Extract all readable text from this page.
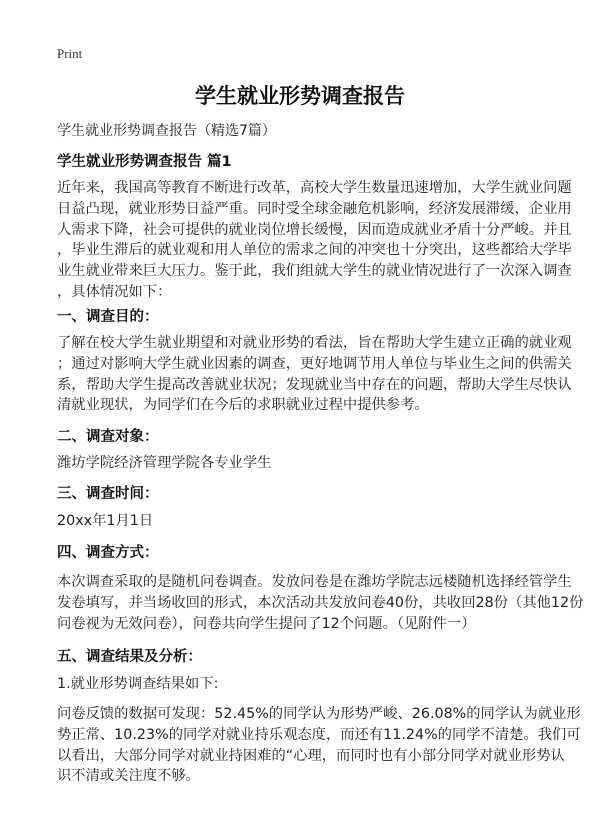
Print
学生就业形势调查报告
学生就业形势调查报告（精选7篇）
学生就业形势调查报告 篇1
近年来，我国高等教育不断进行改革，高校大学生数量迅速增加，大学生就业问题
日益凸现，就业形势日益严重。同时受全球金融危机影响，经济发展滞缓，企业用
人需求下降，社会可提供的就业岗位增长缓慢，因而造成就业矛盾十分严峻。并且
，毕业生滞后的就业观和用人单位的需求之间的冲突也十分突出，这些都给大学毕
业生就业带来巨大压力。鉴于此，我们组就大学生的就业情况进行了一次深入调查
，具体情况如下：
一、调查目的：
了解在校大学生就业期望和对就业形势的看法，旨在帮助大学生建立正确的就业观
；通过对影响大学生就业因素的调查，更好地调节用人单位与毕业生之间的供需关
系，帮助大学生提高改善就业状况；发现就业当中存在的问题，帮助大学生尽快认
清就业现状，为同学们在今后的求职就业过程中提供参考。
二、调查对象：
潍坊学院经济管理学院各专业学生
三、调查时间：
20xx年1月1日
四、调查方式：
本次调查采取的是随机问卷调查。发放问卷是在潍坊学院志远楼随机选择经管学生
发卷填写，并当场收回的形式，本次活动共发放问卷40份，共收回28份（其他12份
问卷视为无效问卷），问卷共向学生提问了12个问题。（见附件一）
五、调查结果及分析：
1.就业形势调查结果如下:
问卷反馈的数据可发现：52.45%的同学认为形势严峻、26.08%的同学认为就业形
势正常、10.23%的同学对就业持乐观态度，而还有11.24%的同学不清楚。我们可
以看出，大部分同学对就业持困难的“心理，而同时也有小部分同学对就业形势认
识不清或关注度不够。
